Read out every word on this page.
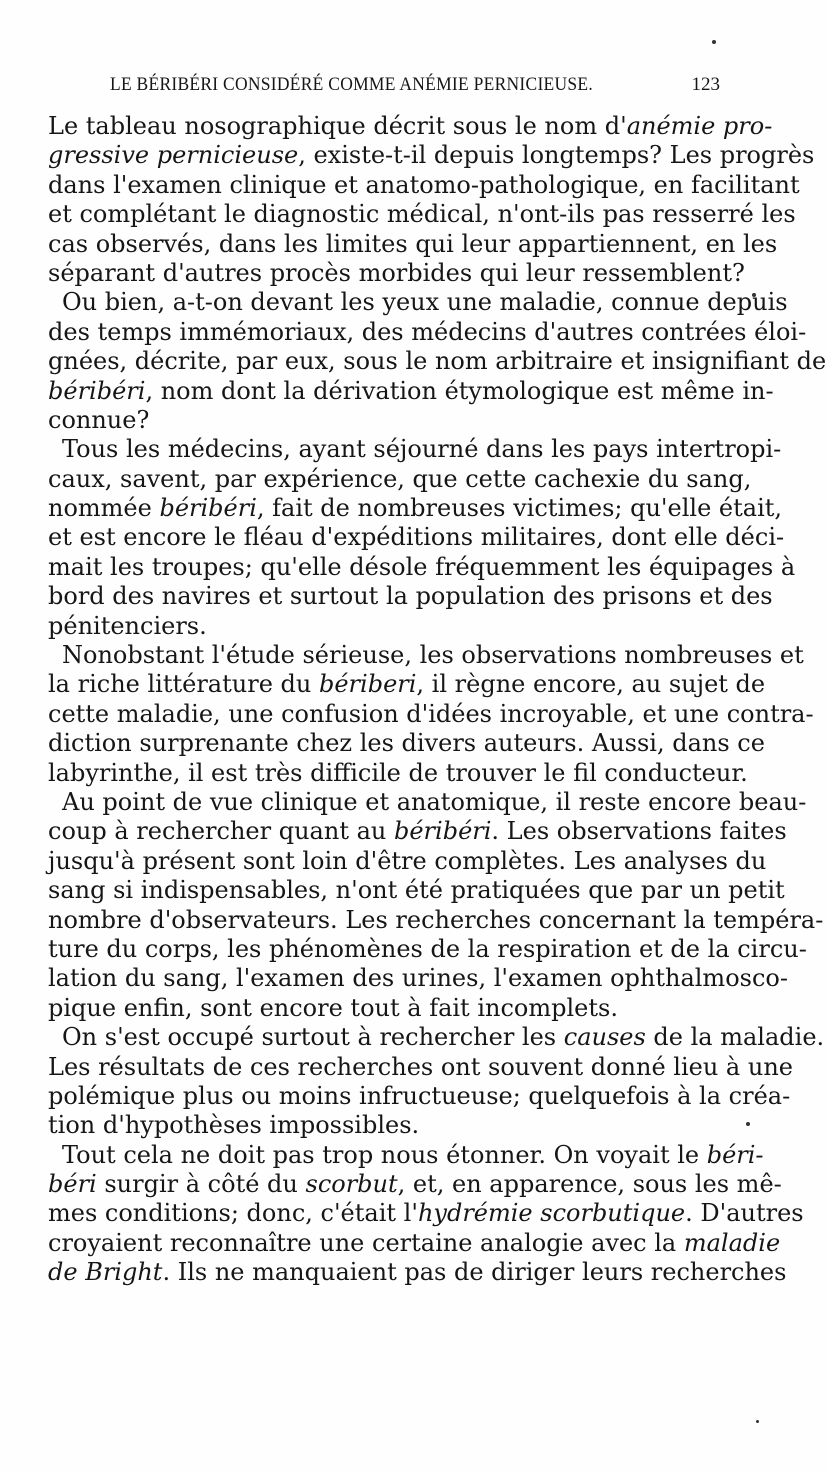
LE BÉRIBÉRI CONSIDÉRÉ COMME ANÉMIE PERNICIEUSE.	123
Le tableau nosographique décrit sous le nom d'anémie pro-
gressive pernicieuse, existe-t-il depuis longtemps? Les progrès
dans l'examen clinique et anatomo-pathologique, en facilitant
et complétant le diagnostic médical, n'ont-ils pas resserré les
cas observés, dans les limites qui leur appartiennent, en les
séparant d'autres procès morbides qui leur ressemblent?
Ou bien, a-t-on devant les yeux une maladie, connue depuis
des temps immémoriaux, des médecins d'autres contrées éloi-
gnées, décrite, par eux, sous le nom arbitraire et insignifiant de
béribéri, nom dont la dérivation étymologique est même in-
connue?
Tous les médecins, ayant séjourné dans les pays intertropi-
caux, savent, par expérience, que cette cachexie du sang,
nommée béribéri, fait de nombreuses victimes; qu'elle était,
et est encore le fléau d'expéditions militaires, dont elle déci-
mait les troupes; qu'elle désole fréquemment les équipages à
bord des navires et surtout la population des prisons et des
pénitenciers.
Nonobstant l'étude sérieuse, les observations nombreuses et
la riche littérature du bériberi, il règne encore, au sujet de
cette maladie, une confusion d'idées incroyable, et une contra-
diction surprenante chez les divers auteurs. Aussi, dans ce
labyrinthe, il est très difficile de trouver le fil conducteur.
Au point de vue clinique et anatomique, il reste encore beau-
coup à rechercher quant au béribéri. Les observations faites
jusqu'à présent sont loin d'être complètes. Les analyses du
sang si indispensables, n'ont été pratiquées que par un petit
nombre d'observateurs. Les recherches concernant la tempéra-
ture du corps, les phénomènes de la respiration et de la circu-
lation du sang, l'examen des urines, l'examen ophthalmosco-
pique enfin, sont encore tout à fait incomplets.
On s'est occupé surtout à rechercher les causes de la maladie.
Les résultats de ces recherches ont souvent donné lieu à une
polémique plus ou moins infructueuse; quelquefois à la créa-
tion d'hypothèses impossibles.
Tout cela ne doit pas trop nous étonner. On voyait le béri-
béri surgir à côté du scorbut, et, en apparence, sous les mê-
mes conditions; donc, c'était l'hydrémie scorbutique. D'autres
croyaient reconnaître une certaine analogie avec la maladie
de Bright. Ils ne manquaient pas de diriger leurs recherches
